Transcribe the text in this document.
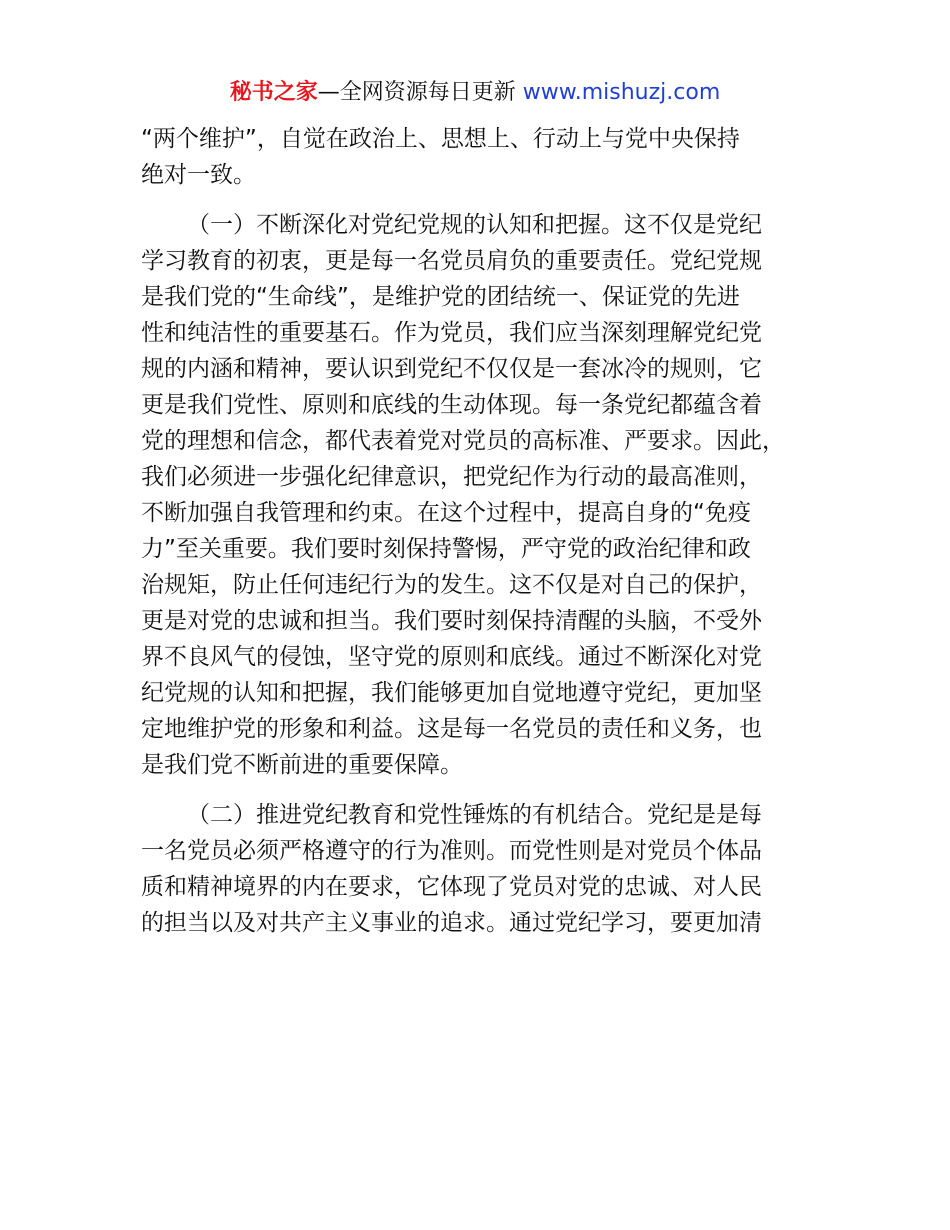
秘书之家—全网资源每日更新 www.mishuzj.com
“两个维护”，自觉在政治上、思想上、行动上与党中央保持
绝对一致。
（一）不断深化对党纪党规的认知和把握。这不仅是党纪
学习教育的初衷，更是每一名党员肩负的重要责任。党纪党规
是我们党的“生命线”，是维护党的团结统一、保证党的先进
性和纯洁性的重要基石。作为党员，我们应当深刻理解党纪党
规的内涵和精神，要认识到党纪不仅仅是一套冰冷的规则，它
更是我们党性、原则和底线的生动体现。每一条党纪都蕴含着
党的理想和信念，都代表着党对党员的高标准、严要求。因此，
我们必须进一步强化纪律意识，把党纪作为行动的最高准则，
不断加强自我管理和约束。在这个过程中，提高自身的“免疫
力”至关重要。我们要时刻保持警惕，严守党的政治纪律和政
治规矩，防止任何违纪行为的发生。这不仅是对自己的保护，
更是对党的忠诚和担当。我们要时刻保持清醒的头脑，不受外
界不良风气的侵蚀，坚守党的原则和底线。通过不断深化对党
纪党规的认知和把握，我们能够更加自觉地遵守党纪，更加坚
定地维护党的形象和利益。这是每一名党员的责任和义务，也
是我们党不断前进的重要保障。
（二）推进党纪教育和党性锤炼的有机结合。党纪是是每
一名党员必须严格遵守的行为准则。而党性则是对党员个体品
质和精神境界的内在要求，它体现了党员对党的忠诚、对人民
的担当以及对共产主义事业的追求。通过党纪学习，要更加清
